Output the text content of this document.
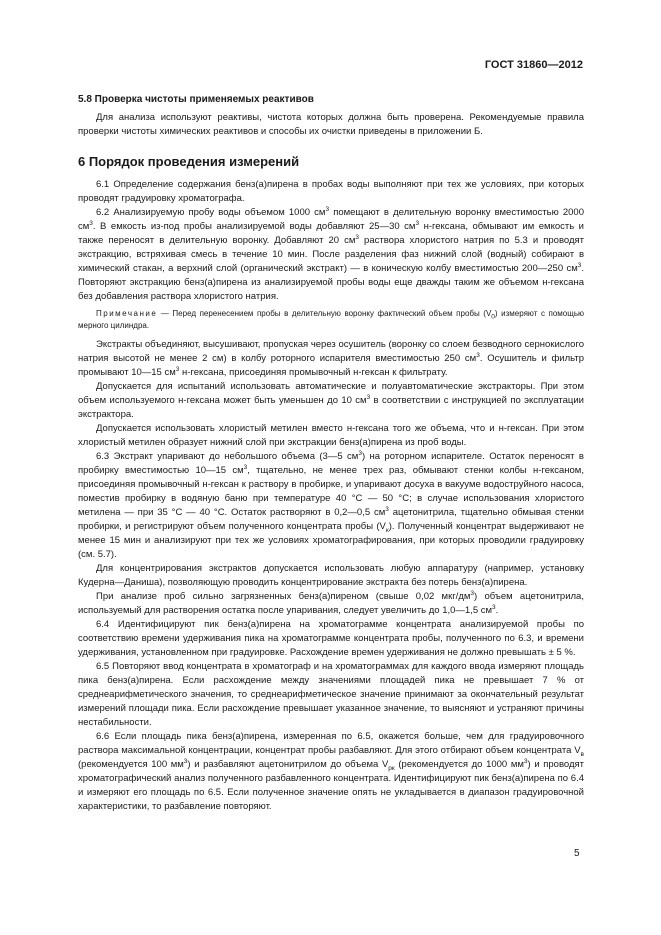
ГОСТ 31860—2012
5.8 Проверка чистоты применяемых реактивов

Для анализа используют реактивы, чистота которых должна быть проверена. Рекомендуемые правила проверки чистоты химических реактивов и способы их очистки приведены в приложении Б.

6 Порядок проведения измерений

6.1 Определение содержания бенз(а)пирена в пробах воды выполняют при тех же условиях, при которых проводят градуировку хроматографа.

6.2 Анализируемую пробу воды объемом 1000 $см^3$ помещают в делительную воронку вместимостью 2000 $см^3$. В емкость из-под пробы анализируемой воды добавляют 25—30 $см^3$ н-гексана, обмывают им емкость и также переносят в делительную воронку. Добавляют 20 $см^3$ раствора хлористого натрия по 5.3 и проводят экстракцию, встряхивая смесь в течение 10 мин. После разделения фаз нижний слой (водный) собирают в химический стакан, а верхний слой (органический экстракт) — в коническую колбу вместимостью 200—250 $см^3$. Повторяют экстракцию бенз(а)пирена из анализируемой пробы воды еще дважды таким же объемом н-гексана без добавления раствора хлористого натрия.

Примечание — Перед перенесением пробы в делительную воронку фактический объем пробы $(V_0)$ измеряют с помощью мерного цилиндра.

Экстракты объединяют, высушивают, пропуская через осушитель (воронку со слоем безводного сернокислого натрия высотой не менее 2 см) в колбу роторного испарителя вместимостью 250 $см^3$. Осушитель и фильтр промывают 10—15 $см^3$ н-гексана, присоединяя промывочный н-гексан к фильтрату.

Допускается для испытаний использовать автоматические и полуавтоматические экстракторы. При этом объем используемого н-гексана может быть уменьшен до 10 $см^3$ в соответствии с инструкцией по эксплуатации экстрактора.

Допускается использовать хлористый метилен вместо н-гексана того же объема, что и н-гексан. При этом хлористый метилен образует нижний слой при экстракции бенз(а)пирена из проб воды.

6.3 Экстракт упаривают до небольшого объема (3—5 $см^3$) на роторном испарителе. Остаток переносят в пробирку вместимостью 10—15 $см^3$, тщательно, не менее трех раз, обмывают стенки колбы н-гексаном, присоединяя промывочный н-гексан к раствору в пробирке, и упаривают досуха в вакууме водоструйного насоса, поместив пробирку в водяную баню при температуре 40 °С — 50 °С; в случае использования хлористого метилена — при 35 °С — 40 °С. Остаток растворяют в 0,2—0,5 $см^3$ ацетонитрила, тщательно обмывая стенки пробирки, и регистрируют объем полученного концентрата пробы $(V_к)$. Полученный концентрат выдерживают не менее 15 мин и анализируют при тех же условиях хроматографирования, при которых проводили градуировку (см. 5.7).

Для концентрирования экстрактов допускается использовать любую аппаратуру (например, установку Кудерна—Даниша), позволяющую проводить концентрирование экстракта без потерь бенз(а)пирена.

При анализе проб сильно загрязненных бенз(а)пиреном (свыше 0,02 мкг/$дм^3$) объем ацетонитрила, используемый для растворения остатка после упаривания, следует увеличить до 1,0—1,5 $см^3$.

6.4 Идентифицируют пик бенз(а)пирена на хроматограмме концентрата анализируемой пробы по соответствию времени удерживания пика на хроматограмме концентрата пробы, полученного по 6.3, и времени удерживания, установленном при градуировке. Расхождение времен удерживания не должно превышать ± 5 %.

6.5 Повторяют ввод концентрата в хроматограф и на хроматограммах для каждого ввода измеряют площадь пика бенз(а)пирена. Если расхождение между значениями площадей пика не превышает 7 % от среднеарифметического значения, то среднеарифметическое значение принимают за окончательный результат измерений площади пика. Если расхождение превышает указанное значение, то выясняют и устраняют причины нестабильности.

6.6 Если площадь пика бенз(а)пирена, измеренная по 6.5, окажется больше, чем для градуировочного раствора максимальной концентрации, концентрат пробы разбавляют. Для этого отбирают объем концентрата $V_в$ (рекомендуется 100 $мм^3$) и разбавляют ацетонитрилом до объема $V_{рк}$ (рекомендуется до 1000 $мм^3$) и проводят хроматографический анализ полученного разбавленного концентрата. Идентифицируют пик бенз(а)пирена по 6.4 и измеряют его площадь по 6.5. Если полученное значение опять не укладывается в диапазон градуировочной характеристики, то разбавление повторяют.

5
